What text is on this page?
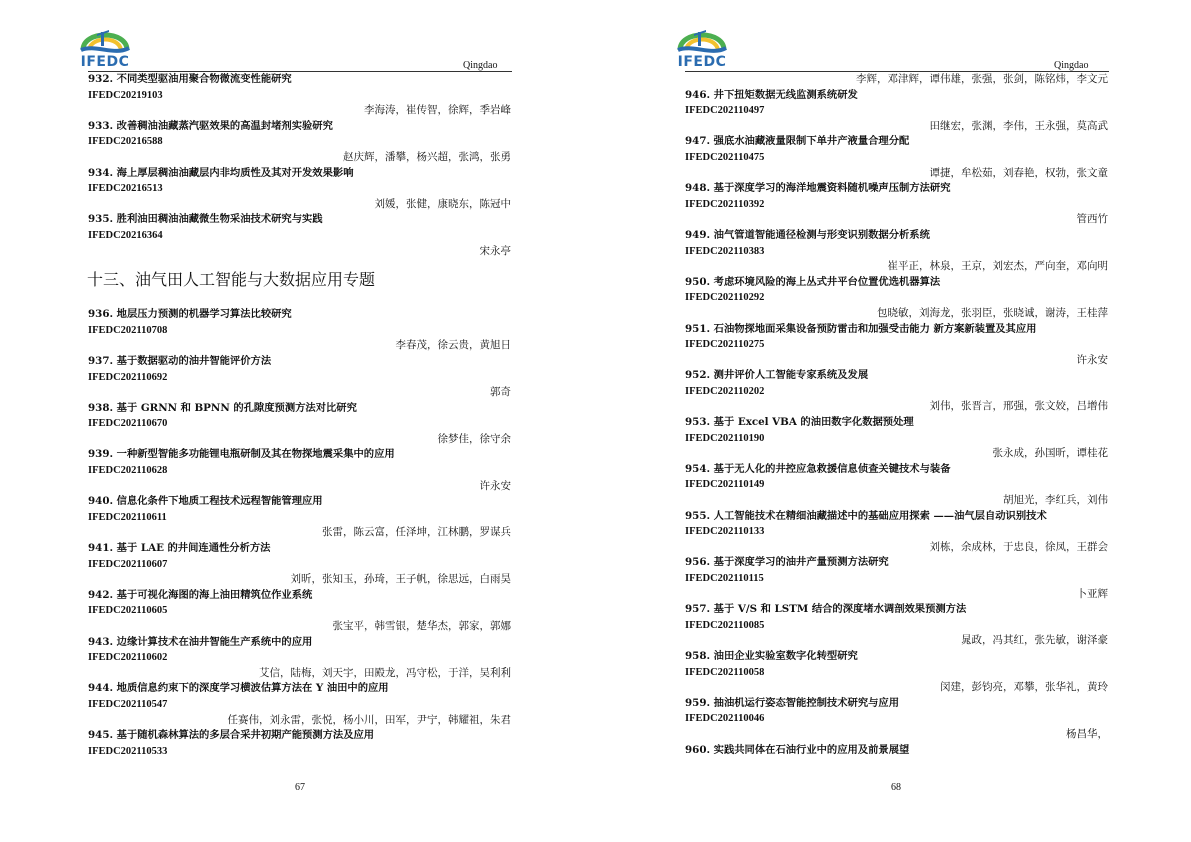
IFEDC	Qingdao
932. 不同类型驱油用聚合物微流变性能研究
IFEDC20219103
李海涛，崔传智，徐辉，季岩峰
933. 改善稠油油藏蒸汽驱效果的高温封堵剂实验研究
IFEDC20216588
赵庆辉，潘攀，杨兴超，张鸿，张勇
934. 海上厚层稠油油藏层内非均质性及其对开发效果影响
IFEDC20216513
刘媛，张健，康晓东，陈冠中
935. 胜利油田稠油油藏微生物采油技术研究与实践
IFEDC20216364
宋永亭
十三、油气田人工智能与大数据应用专题
936. 地层压力预测的机器学习算法比较研究
IFEDC202110708
李春茂，徐云贵，黄旭日
937. 基于数据驱动的油井智能评价方法
IFEDC202110692
郭奇
938. 基于 GRNN 和 BPNN 的孔隙度预测方法对比研究
IFEDC202110670
徐梦佳，徐守余
939. 一种新型智能多功能锂电瓶研制及其在物探地震采集中的应用
IFEDC202110628
许永安
940. 信息化条件下地质工程技术远程智能管理应用
IFEDC202110611
张雷，陈云富，任泽坤，江林鹏，罗谋兵
941. 基于 LAE 的井间连通性分析方法
IFEDC202110607
刘昕，张知玉，孙琦，王子帆，徐思远，白雨昊
942. 基于可视化海图的海上油田精筑位作业系统
IFEDC202110605
张宝平，韩雪银，楚华杰，郭家，郭娜
943. 边缘计算技术在油井智能生产系统中的应用
IFEDC202110602
艾信，陆梅，刘天宇，田殿龙，冯守松，于洋，吴利利
944. 地质信息约束下的深度学习横波估算方法在 Y 油田中的应用
IFEDC202110547
任赛伟，刘永雷，张悦，杨小川，田军，尹宁，韩耀祖，朱君
945. 基于随机森林算法的多层合采井初期产能预测方法及应用
IFEDC202110533
67
IFEDC	Qingdao
李辉，邓津辉，谭伟雄，张强，张剑，陈铭炜，李文元
946. 井下扭矩数据无线监测系统研发
IFEDC202110497
田继宏，张渊，李伟，王永强，莫高武
947. 强底水油藏液量限制下单井产液量合理分配
IFEDC202110475
谭捷，牟松茹，刘春艳，权勃，张文童
948. 基于深度学习的海洋地震资料随机噪声压制方法研究
IFEDC202110392
管西竹
949. 油气管道智能通径检测与形变识别数据分析系统
IFEDC202110383
崔平正，林泉，王京，刘宏杰，严向奎，邓向明
950. 考虑环境风险的海上丛式井平台位置优选机器算法
IFEDC202110292
包晓敏，刘海龙，张羽臣，张晓诚，谢涛，王桂萍
951. 石油物探地面采集设备预防雷击和加强受击能力 新方案新装置及其应用
IFEDC202110275
许永安
952. 测井评价人工智能专家系统及发展
IFEDC202110202
刘伟，张晋言，邢强，张文姣，吕增伟
953. 基于 Excel VBA 的油田数字化数据预处理
IFEDC202110190
张永成，孙国昕，谭桂花
954. 基于无人化的井控应急救援信息侦查关键技术与装备
IFEDC202110149
胡旭光，李红兵，刘伟
955. 人工智能技术在精细油藏描述中的基础应用探索 ——油气层自动识别技术
IFEDC202110133
刘栋，余成林，于忠良，徐凤，王群会
956. 基于深度学习的油井产量预测方法研究
IFEDC202110115
卜亚辉
957. 基于 V/S 和 LSTM 结合的深度堵水调剖效果预测方法
IFEDC202110085
晁政，冯其红，张先敏，谢泽豪
958. 油田企业实验室数字化转型研究
IFEDC202110058
闵建，彭钧亮，邓攀，张华礼，黄玲
959. 抽油机运行姿态智能控制技术研究与应用
IFEDC202110046
杨昌华，
960. 实践共同体在石油行业中的应用及前景展望
68
